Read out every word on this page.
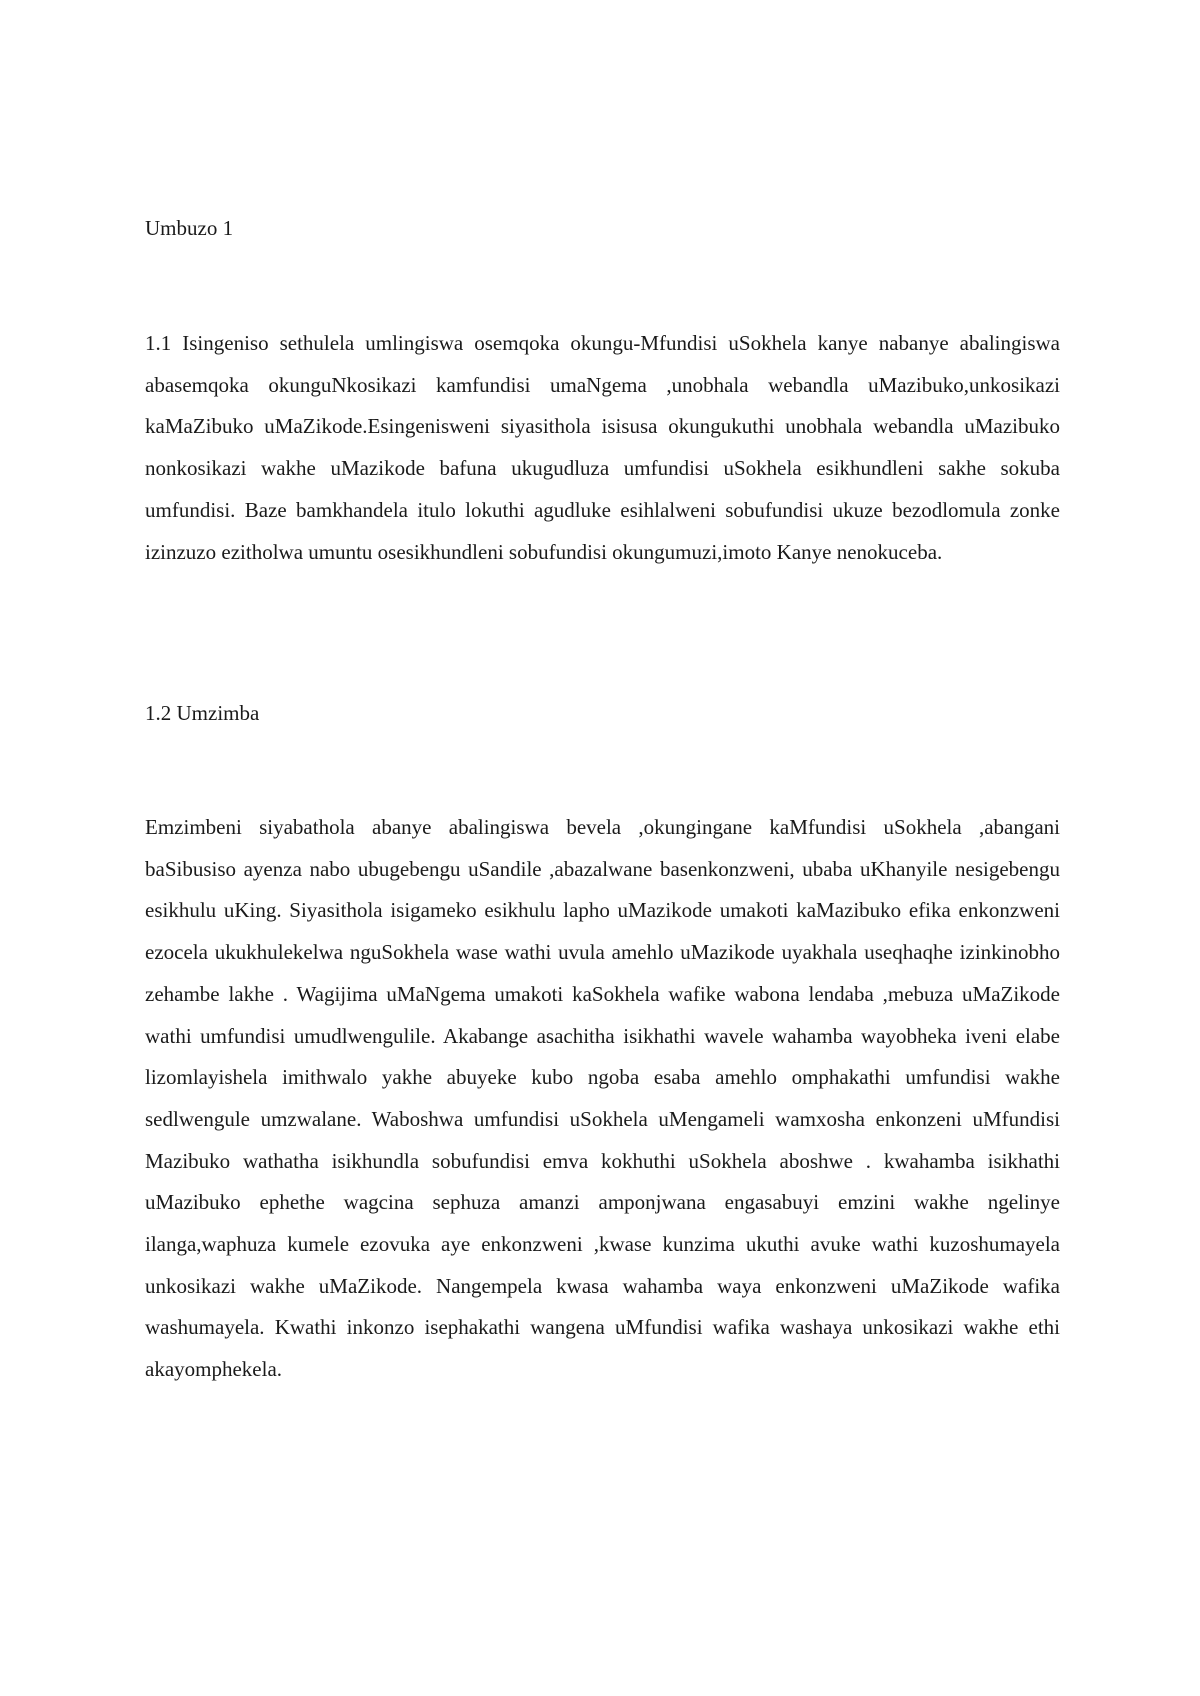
Umbuzo 1

1.1 Isingeniso sethulela umlingiswa osemqoka okungu-Mfundisi uSokhela kanye nabanye abalingiswa abasemqoka okunguNkosikazi kamfundisi umaNgema ,unobhala webandla uMazibuko,unkosikazi kaMaZibuko uMaZikode.Esingenisweni siyasithola isisusa okungukuthi unobhala webandla uMazibuko nonkosikazi wakhe uMazikode bafuna ukugudluza umfundisi uSokhela esikhundleni sakhe sokuba umfundisi. Baze bamkhandela itulo lokuthi agudluke esihlalweni sobufundisi ukuze bezodlomula zonke izinzuzo ezitholwa umuntu osesikhundleni sobufundisi okungumuzi,imoto Kanye nenokuceba.

1.2 Umzimba

Emzimbeni siyabathola abanye abalingiswa bevela ,okungingane kaMfundisi uSokhela ,abangani baSibusiso ayenza nabo ubugebengu uSandile ,abazalwane basenkonzweni, ubaba uKhanyile nesigebengu esikhulu uKing. Siyasithola isigameko esikhulu lapho uMazikode umakoti kaMazibuko efika enkonzweni ezocela ukukhulekelwa nguSokhela wase wathi uvula amehlo uMazikode uyakhala useqhaqhe izinkinobho zehambe lakhe . Wagijima uMaNgema umakoti kaSokhela wafike wabona lendaba ,mebuza uMaZikode wathi umfundisi umudlwengulile. Akabange asachitha isikhathi wavele wahamba wayobheka iveni elabe lizomlayishela imithwalo yakhe abuyeke kubo ngoba esaba amehlo omphakathi umfundisi wakhe sedlwengule umzwalane. Waboshwa umfundisi uSokhela uMengameli wamxosha enkonzeni uMfundisi Mazibuko wathatha isikhundla sobufundisi emva kokhuthi uSokhela aboshwe . kwahamba isikhathi uMazibuko ephethe wagcina sephuza amanzi amponjwana engasabuyi emzini wakhe ngelinye ilanga,waphuza kumele ezovuka aye enkonzweni ,kwase kunzima ukuthi avuke wathi kuzoshumayela unkosikazi wakhe uMaZikode. Nangempela kwasa wahamba waya enkonzweni uMaZikode wafika washumayela. Kwathi inkonzo isephakathi wangena uMfundisi wafika washaya unkosikazi wakhe ethi akayomphekela.
